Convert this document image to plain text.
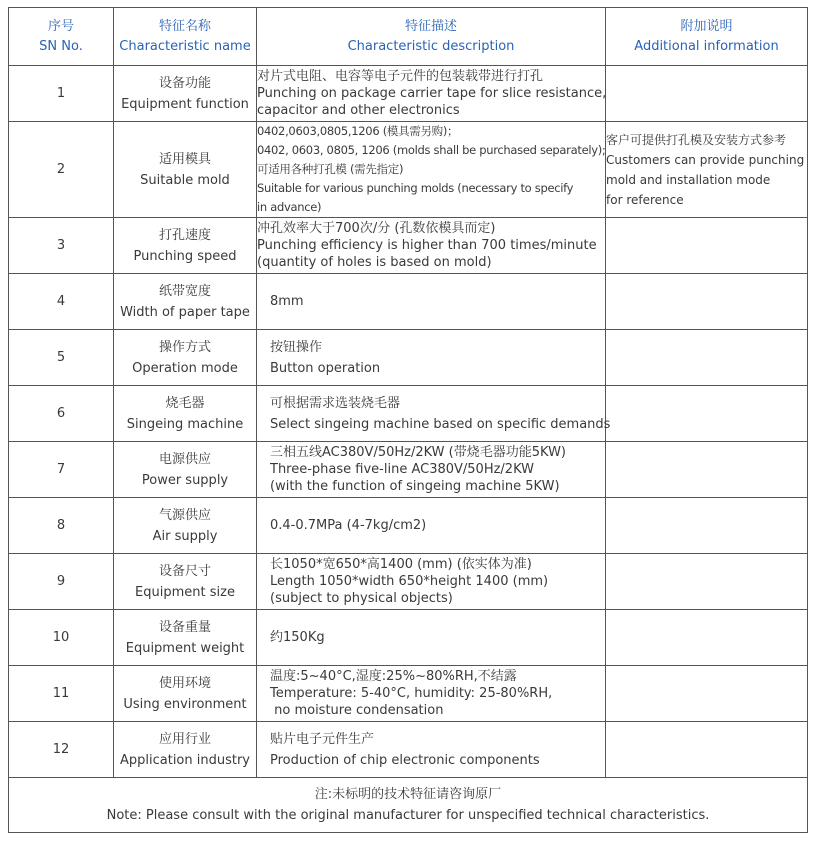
序号
SN No.	特征名称
Characteristic name	特征描述
Characteristic description	附加说明
Additional information

1	设备功能
Equipment function	对片式电阻、电容等电子元件的包装载带进行打孔
Punching on package carrier tape for slice resistance,
capacitor and other electronics	

2	适用模具
Suitable mold	0402,0603,0805,1206 (模具需另购)；
0402, 0603, 0805, 1206 (molds shall be purchased separately);
可适用各种打孔模 (需先指定)
Suitable for various punching molds (necessary to specify
in advance)	客户可提供打孔模及安装方式参考
Customers can provide punching
mold and installation mode
for reference

3	打孔速度
Punching speed	冲孔效率大于700次/分 (孔数依模具而定)
Punching efficiency is higher than 700 times/minute
(quantity of holes is based on mold)	

4	纸带宽度
Width of paper tape	8mm	

5	操作方式
Operation mode	按钮操作
Button operation	

6	烧毛器
Singeing machine	可根据需求选装烧毛器
Select singeing machine based on specific demands	

7	电源供应
Power supply	三相五线AC380V/50Hz/2KW (带烧毛器功能5KW)
Three-phase five-line AC380V/50Hz/2KW
(with the function of singeing machine 5KW)	

8	气源供应
Air supply	0.4-0.7MPa (4-7kg/cm2)	

9	设备尺寸
Equipment size	长1050*宽650*高1400 (mm) (依实体为准)
Length 1050*width 650*height 1400 (mm)
(subject to physical objects)	

10	设备重量
Equipment weight	约150Kg	

11	使用环境
Using environment	温度:5~40°C,湿度:25%~80%RH,不结露
Temperature: 5-40°C, humidity: 25-80%RH,
no moisture condensation	

12	应用行业
Application industry	贴片电子元件生产
Production of chip electronic components	

注:未标明的技术特征请咨询原厂
Note: Please consult with the original manufacturer for unspecified technical characteristics.			
